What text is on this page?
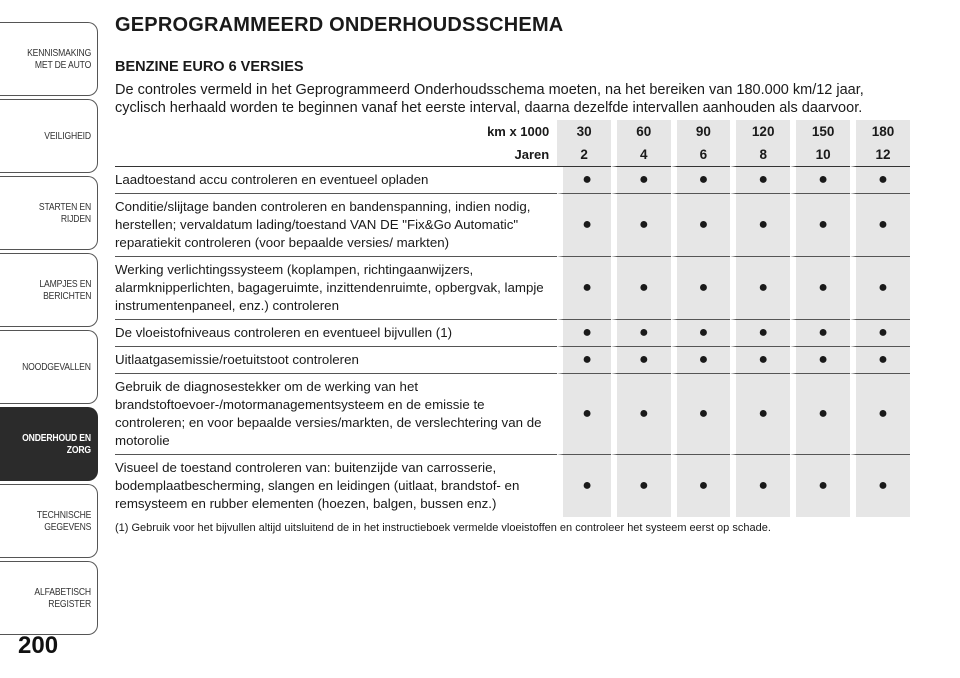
KENNISMAKING
MET DE AUTO
VEILIGHEID
STARTEN EN RIJDEN
LAMPJES EN
BERICHTEN
NOODGEVALLEN
ONDERHOUD EN
ZORG
TECHNISCHE
GEGEVENS
ALFABETISCH
REGISTER
200
GEPROGRAMMEERD ONDERHOUDSSCHEMA
BENZINE EURO 6 VERSIES

De controles vermeld in het Geprogrammeerd Onderhoudsschema moeten, na het bereiken van 180.000 km/12 jaar, cyclisch herhaald worden te beginnen vanaf het eerste interval, daarna dezelfde intervallen aanhouden als daarvoor.

km x 1000	30	60	90	120	150	180
Jaren	2	4	6	8	10	12
Laadtoestand accu controleren en eventueel opladen	●	●	●	●	●	●
Conditie/slijtage banden controleren en bandenspanning, indien nodig, herstellen; vervaldatum lading/toestand VAN DE "Fix&Go Automatic" reparatiekit controleren (voor bepaalde versies/ markten)	●	●	●	●	●	●
Werking verlichtingssysteem (koplampen, richtingaanwijzers, alarmknipperlichten, bagageruimte, inzittendenruimte, opbergvak, lampje instrumentenpaneel, enz.) controleren	●	●	●	●	●	●
De vloeistofniveaus controleren en eventueel bijvullen (1)	●	●	●	●	●	●
Uitlaatgasemissie/roetuitstoot controleren	●	●	●	●	●	●
Gebruik de diagnosestekker om de werking van het brandstoftoevoer-/motormanagementsysteem en de emissie te controleren; en voor bepaalde versies/markten, de verslechtering van de motorolie	●	●	●	●	●	●
Visueel de toestand controleren van: buitenzijde van carrosserie, bodemplaatbescherming, slangen en leidingen (uitlaat, brandstof- en remsysteem en rubber elementen (hoezen, balgen, bussen enz.)	●	●	●	●	●	●
(1) Gebruik voor het bijvullen altijd uitsluitend de in het instructieboek vermelde vloeistoffen en controleer het systeem eerst op schade.
